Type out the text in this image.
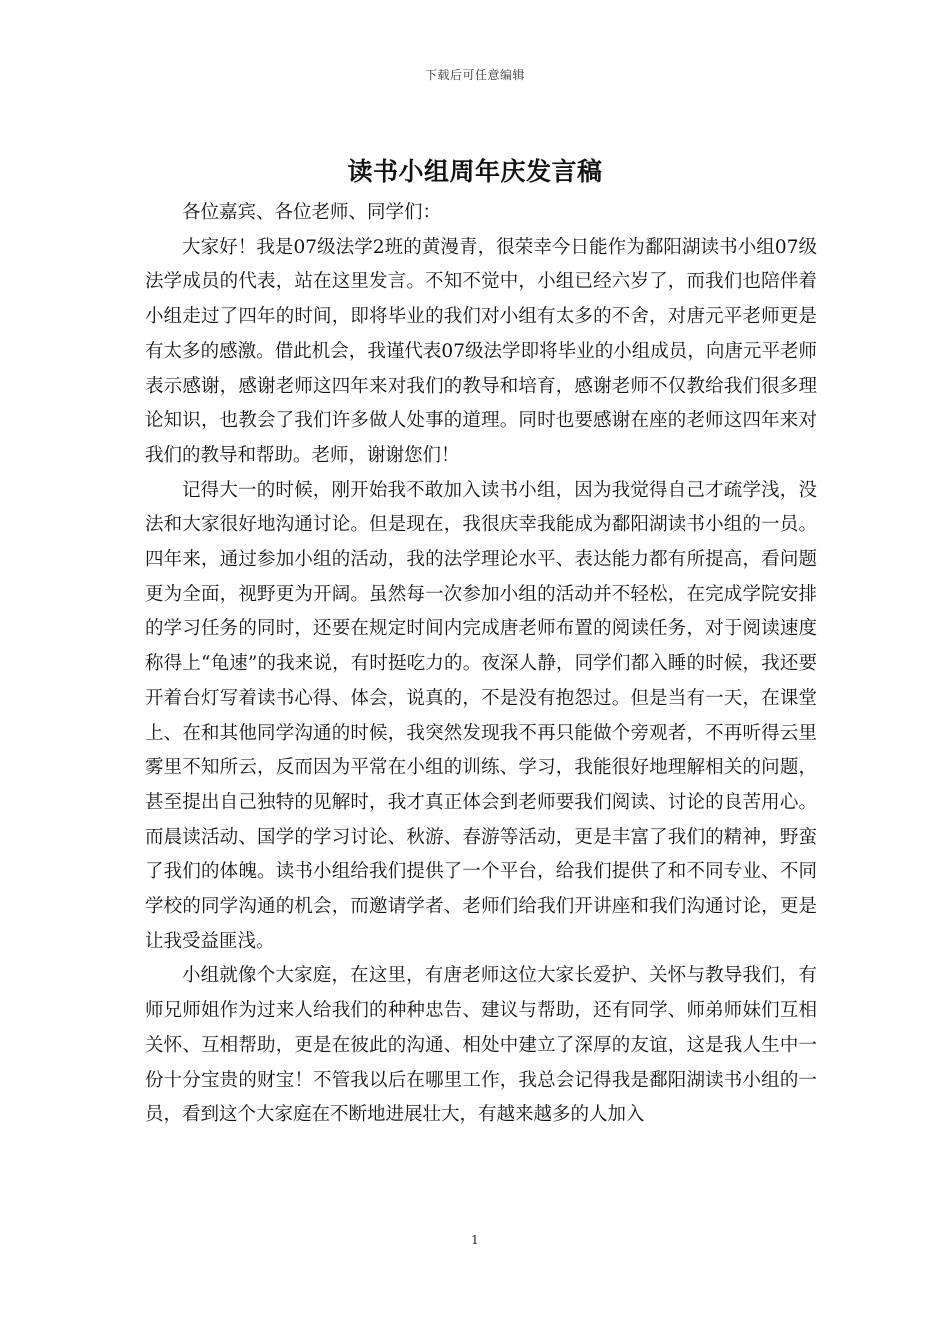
下载后可任意编辑
读书小组周年庆发言稿

各位嘉宾、各位老师、同学们：

大家好！我是07级法学2班的黄漫青，很荣幸今日能作为鄱阳湖读书小组07级法学成员的代表，站在这里发言。不知不觉中，小组已经六岁了，而我们也陪伴着小组走过了四年的时间，即将毕业的我们对小组有太多的不舍，对唐元平老师更是有太多的感激。借此机会，我谨代表07级法学即将毕业的小组成员，向唐元平老师表示感谢，感谢老师这四年来对我们的教导和培育，感谢老师不仅教给我们很多理论知识，也教会了我们许多做人处事的道理。同时也要感谢在座的老师这四年来对我们的教导和帮助。老师，谢谢您们！

记得大一的时候，刚开始我不敢加入读书小组，因为我觉得自己才疏学浅，没法和大家很好地沟通讨论。但是现在，我很庆幸我能成为鄱阳湖读书小组的一员。四年来，通过参加小组的活动，我的法学理论水平、表达能力都有所提高，看问题更为全面，视野更为开阔。虽然每一次参加小组的活动并不轻松，在完成学院安排的学习任务的同时，还要在规定时间内完成唐老师布置的阅读任务，对于阅读速度称得上“龟速”的我来说，有时挺吃力的。夜深人静，同学们都入睡的时候，我还要开着台灯写着读书心得、体会，说真的，不是没有抱怨过。但是当有一天，在课堂上、在和其他同学沟通的时候，我突然发现我不再只能做个旁观者，不再听得云里雾里不知所云，反而因为平常在小组的训练、学习，我能很好地理解相关的问题，甚至提出自己独特的见解时，我才真正体会到老师要我们阅读、讨论的良苦用心。而晨读活动、国学的学习讨论、秋游、春游等活动，更是丰富了我们的精神，野蛮了我们的体魄。读书小组给我们提供了一个平台，给我们提供了和不同专业、不同学校的同学沟通的机会，而邀请学者、老师们给我们开讲座和我们沟通讨论，更是让我受益匪浅。

小组就像个大家庭，在这里，有唐老师这位大家长爱护、关怀与教导我们，有师兄师姐作为过来人给我们的种种忠告、建议与帮助，还有同学、师弟师妹们互相关怀、互相帮助，更是在彼此的沟通、相处中建立了深厚的友谊，这是我人生中一份十分宝贵的财宝！不管我以后在哪里工作，我总会记得我是鄱阳湖读书小组的一员，看到这个大家庭在不断地进展壮大，有越来越多的人加入

1
